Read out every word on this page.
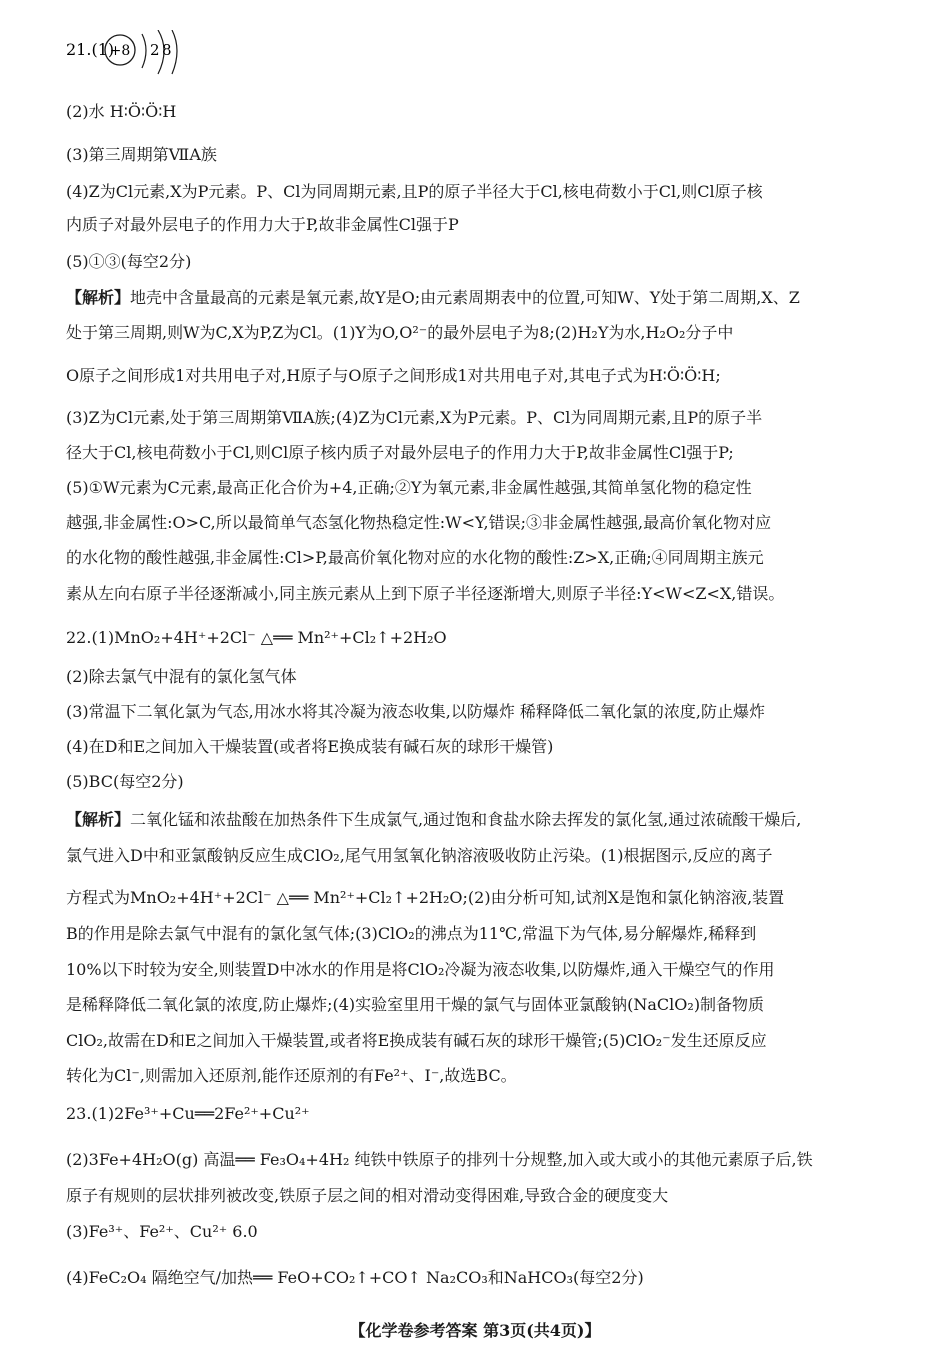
21.(1)
+8 2 8
(2)水 H∶Ö∶Ö∶H
(3)第三周期第ⅦA族
(4)Z为Cl元素,X为P元素。P、Cl为同周期元素,且P的原子半径大于Cl,核电荷数小于Cl,则Cl原子核
内质子对最外层电子的作用力大于P,故非金属性Cl强于P
(5)①③(每空2分)
【解析】地壳中含量最高的元素是氧元素,故Y是O;由元素周期表中的位置,可知W、Y处于第二周期,X、Z
处于第三周期,则W为C,X为P,Z为Cl。(1)Y为O,O²⁻的最外层电子为8;(2)H₂Y为水,H₂O₂分子中
O原子之间形成1对共用电子对,H原子与O原子之间形成1对共用电子对,其电子式为H∶Ö∶Ö∶H;
(3)Z为Cl元素,处于第三周期第ⅦA族;(4)Z为Cl元素,X为P元素。P、Cl为同周期元素,且P的原子半
径大于Cl,核电荷数小于Cl,则Cl原子核内质子对最外层电子的作用力大于P,故非金属性Cl强于P;
(5)①W元素为C元素,最高正化合价为+4,正确;②Y为氧元素,非金属性越强,其简单氢化物的稳定性
越强,非金属性:O>C,所以最简单气态氢化物热稳定性:W<Y,错误;③非金属性越强,最高价氧化物对应
的水化物的酸性越强,非金属性:Cl>P,最高价氧化物对应的水化物的酸性:Z>X,正确;④同周期主族元
素从左向右原子半径逐渐减小,同主族元素从上到下原子半径逐渐增大,则原子半径:Y<W<Z<X,错误。
22.(1)MnO₂+4H⁺+2Cl⁻ △══ Mn²⁺+Cl₂↑+2H₂O
(2)除去氯气中混有的氯化氢气体
(3)常温下二氧化氯为气态,用冰水将其冷凝为液态收集,以防爆炸 稀释降低二氧化氯的浓度,防止爆炸
(4)在D和E之间加入干燥装置(或者将E换成装有碱石灰的球形干燥管)
(5)BC(每空2分)
【解析】二氧化锰和浓盐酸在加热条件下生成氯气,通过饱和食盐水除去挥发的氯化氢,通过浓硫酸干燥后,
氯气进入D中和亚氯酸钠反应生成ClO₂,尾气用氢氧化钠溶液吸收防止污染。(1)根据图示,反应的离子
方程式为MnO₂+4H⁺+2Cl⁻ △══ Mn²⁺+Cl₂↑+2H₂O;(2)由分析可知,试剂X是饱和氯化钠溶液,装置
B的作用是除去氯气中混有的氯化氢气体;(3)ClO₂的沸点为11℃,常温下为气体,易分解爆炸,稀释到
10%以下时较为安全,则装置D中冰水的作用是将ClO₂冷凝为液态收集,以防爆炸,通入干燥空气的作用
是稀释降低二氧化氯的浓度,防止爆炸;(4)实验室里用干燥的氯气与固体亚氯酸钠(NaClO₂)制备物质
ClO₂,故需在D和E之间加入干燥装置,或者将E换成装有碱石灰的球形干燥管;(5)ClO₂⁻发生还原反应
转化为Cl⁻,则需加入还原剂,能作还原剂的有Fe²⁺、I⁻,故选BC。
23.(1)2Fe³⁺+Cu══2Fe²⁺+Cu²⁺
(2)3Fe+4H₂O(g) 高温══ Fe₃O₄+4H₂ 纯铁中铁原子的排列十分规整,加入或大或小的其他元素原子后,铁
原子有规则的层状排列被改变,铁原子层之间的相对滑动变得困难,导致合金的硬度变大
(3)Fe³⁺、Fe²⁺、Cu²⁺ 6.0
(4)FeC₂O₄ 隔绝空气/加热══ FeO+CO₂↑+CO↑ Na₂CO₃和NaHCO₃(每空2分)
【化学卷参考答案 第3页(共4页)】
